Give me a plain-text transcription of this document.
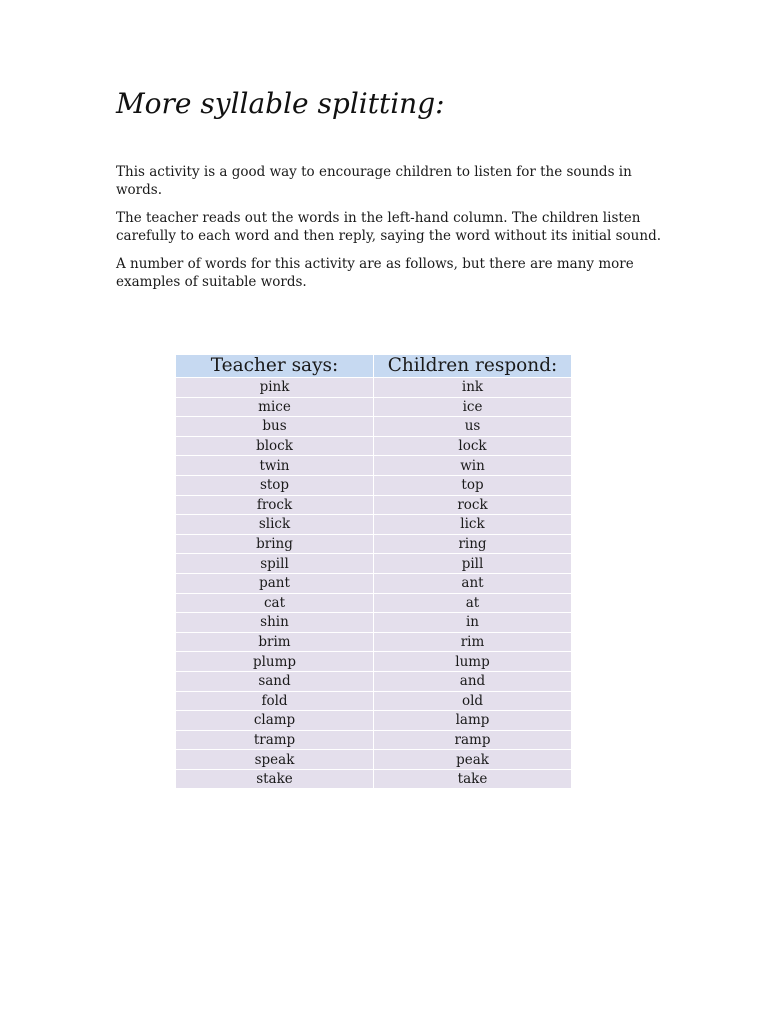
More syllable splitting:

This activity is a good way to encourage children to listen for the sounds in words.

The teacher reads out the words in the left-hand column. The children listen carefully to each word and then reply, saying the word without its initial sound.

A number of words for this activity are as follows, but there are many more examples of suitable words.

Teacher says:	Children respond:
pink	ink
mice	ice
bus	us
block	lock
twin	win
stop	top
frock	rock
slick	lick
bring	ring
spill	pill
pant	ant
cat	at
shin	in
brim	rim
plump	lump
sand	and
fold	old
clamp	lamp
tramp	ramp
speak	peak
stake	take
